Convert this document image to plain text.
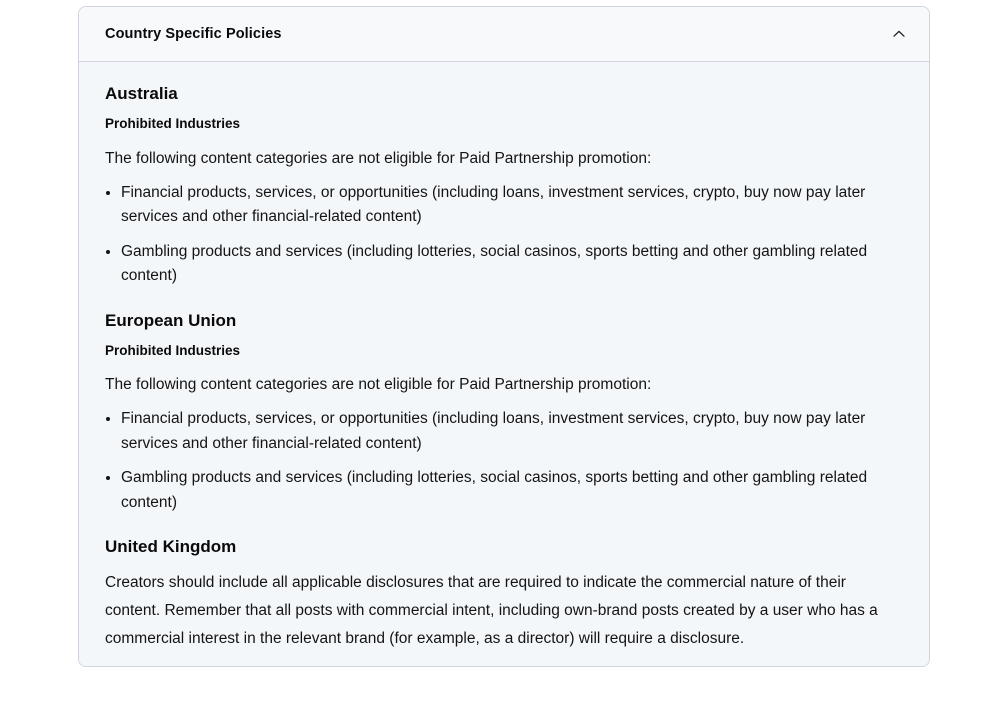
Country Specific Policies
Australia
Prohibited Industries

The following content categories are not eligible for Paid Partnership promotion:

Financial products, services, or opportunities (including loans, investment services, crypto, buy now pay later services and other financial-related content)
Gambling products and services (including lotteries, social casinos, sports betting and other gambling related content)
European Union
Prohibited Industries

The following content categories are not eligible for Paid Partnership promotion:

Financial products, services, or opportunities (including loans, investment services, crypto, buy now pay later services and other financial-related content)
Gambling products and services (including lotteries, social casinos, sports betting and other gambling related content)
United Kingdom

Creators should include all applicable disclosures that are required to indicate the commercial nature of their content. Remember that all posts with commercial intent, including own-brand posts created by a user who has a commercial interest in the relevant brand (for example, as a director) will require a disclosure.
